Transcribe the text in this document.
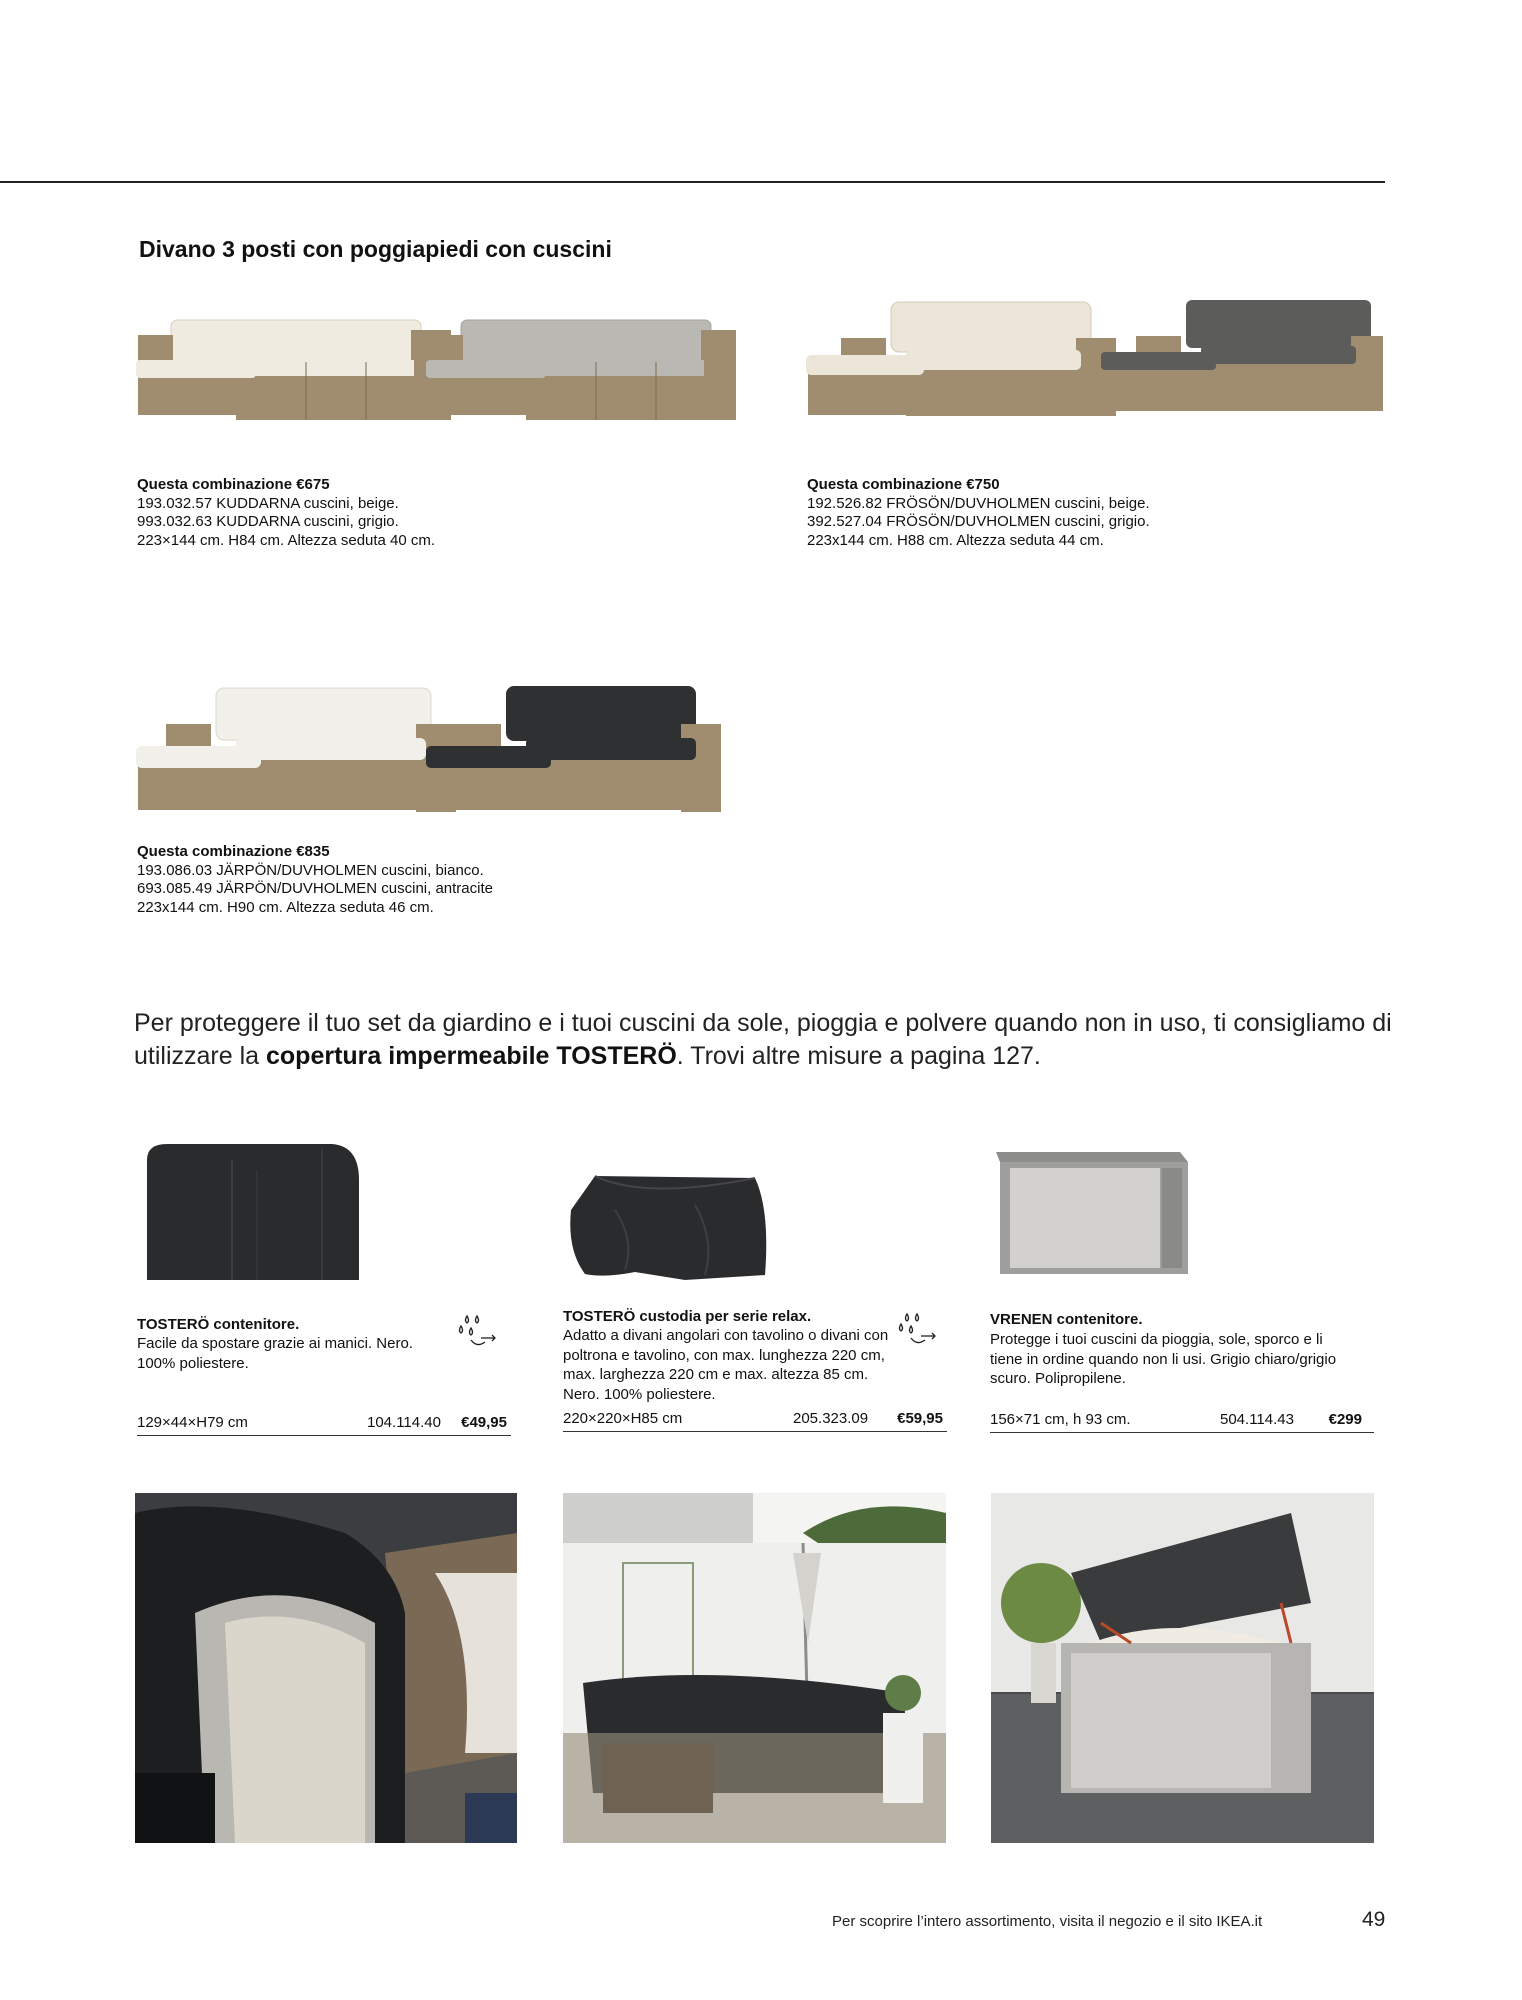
Divano 3 posti con poggiapiedi con cuscini
Questa combinazione €675
193.032.57 KUDDARNA cuscini, beige.
993.032.63 KUDDARNA cuscini, grigio.
223×144 cm. H84 cm. Altezza seduta 40 cm.
Questa combinazione €750
192.526.82 FRÖSÖN/DUVHOLMEN cuscini, beige.
392.527.04 FRÖSÖN/DUVHOLMEN cuscini, grigio.
223x144 cm. H88 cm. Altezza seduta 44 cm.
Questa combinazione €835
193.086.03 JÄRPÖN/DUVHOLMEN cuscini, bianco.
693.085.49 JÄRPÖN/DUVHOLMEN cuscini, antracite
223x144 cm. H90 cm. Altezza seduta 46 cm.
Per proteggere il tuo set da giardino e i tuoi cuscini da sole, pioggia e polvere quando non in uso, ti consigliamo di utilizzare la copertura impermeabile TOSTERÖ. Trovi altre misure a pagina 127.
TOSTERÖ contenitore.
Facile da spostare grazie ai manici. Nero. 100% poliestere.
129×44×H79 cm	104.114.40 €49,95
TOSTERÖ custodia per serie relax.
Adatto a divani angolari con tavolino o divani con poltrona e tavolino, con max. lunghezza 220 cm, max. larghezza 220 cm e max. altezza 85 cm. Nero. 100% poliestere.
220×220×H85 cm	205.323.09 €59,95
VRENEN contenitore.
Protegge i tuoi cuscini da pioggia, sole, sporco e li tiene in ordine quando non li usi. Grigio chiaro/grigio scuro. Polipropilene.
156×71 cm, h 93 cm.	504.114.43 €299
Per scoprire l’intero assortimento, visita il negozio e il sito IKEA.it	49
